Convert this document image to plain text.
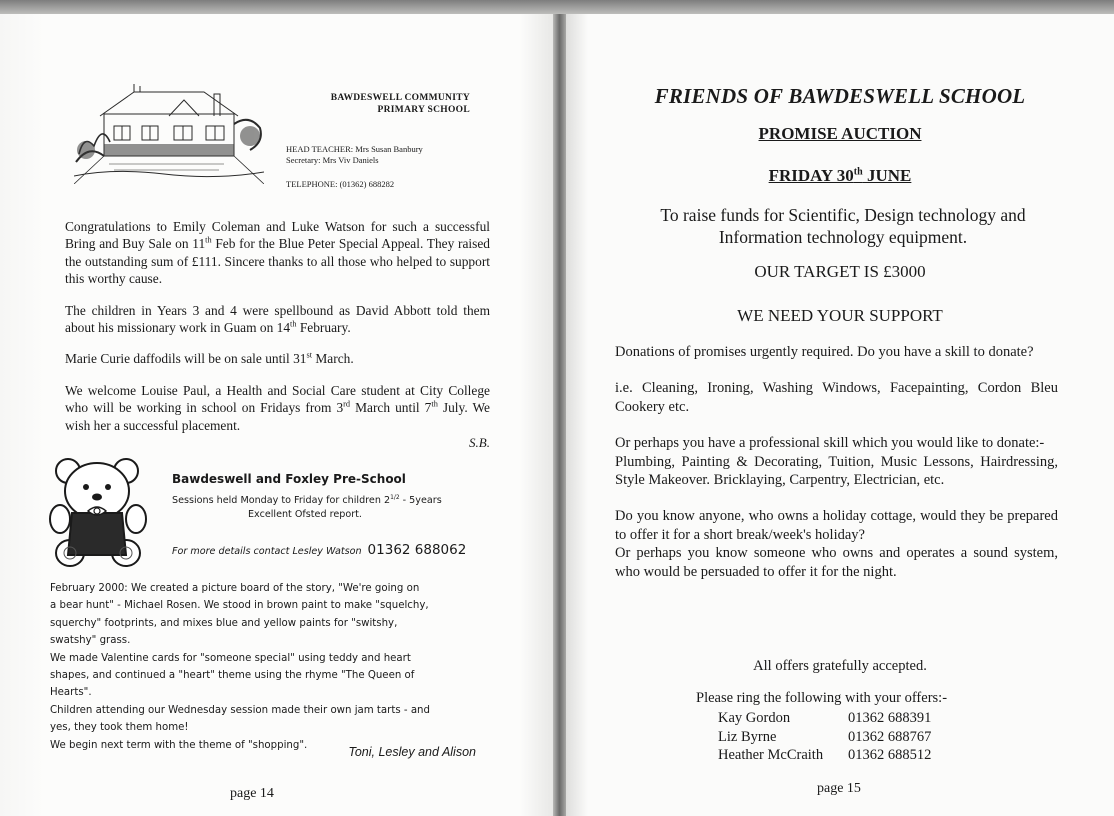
BAWDESWELL COMMUNITY
PRIMARY SCHOOL
HEAD TEACHER: Mrs Susan Banbury
Secretary: Mrs Viv Daniels
TELEPHONE: (01362) 688282

Congratulations to Emily Coleman and Luke Watson for such a successful Bring and Buy Sale on 11th Feb for the Blue Peter Special Appeal. They raised the outstanding sum of £111. Sincere thanks to all those who helped to support this worthy cause.

The children in Years 3 and 4 were spellbound as David Abbott told them about his missionary work in Guam on 14th February.

Marie Curie daffodils will be on sale until 31st March.

We welcome Louise Paul, a Health and Social Care student at City College who will be working in school on Fridays from 3rd March until 7th July. We wish her a successful placement.

S.B.
Bawdeswell and Foxley Pre-School
Sessions held Monday to Friday for children $2^{1/2}$ - 5years
Excellent Ofsted report.
For more details contact Lesley Watson 01362 688062
February 2000: We created a picture board of the story, "We're going on
a bear hunt" - Michael Rosen. We stood in brown paint to make "squelchy,
squerchy" footprints, and mixes blue and yellow paints for "switshy,
swatshy" grass.
We made Valentine cards for "someone special" using teddy and heart
shapes, and continued a "heart" theme using the rhyme "The Queen of
Hearts".
Children attending our Wednesday session made their own jam tarts - and
yes, they took them home!
We begin next term with the theme of "shopping".	Toni, Lesley and Alison
page 14
FRIENDS OF BAWDESWELL SCHOOL
PROMISE AUCTION
FRIDAY 30th JUNE
To raise funds for Scientific, Design technology and Information technology equipment.
OUR TARGET IS £3000
WE NEED YOUR SUPPORT

Donations of promises urgently required. Do you have a skill to donate?

i.e. Cleaning, Ironing, Washing Windows, Facepainting, Cordon Bleu Cookery etc.

Or perhaps you have a professional skill which you would like to donate:-

Plumbing, Painting & Decorating, Tuition, Music Lessons, Hairdressing, Style Makeover. Bricklaying, Carpentry, Electrician, etc.

Do you know anyone, who owns a holiday cottage, would they be prepared to offer it for a short break/week's holiday?

Or perhaps you know someone who owns and operates a sound system, who would be persuaded to offer it for the night.

All offers gratefully accepted.
Please ring the following with your offers:-
Kay Gordon	01362 688391
Liz Byrne	01362 688767
Heather McCraith	01362 688512
page 15
